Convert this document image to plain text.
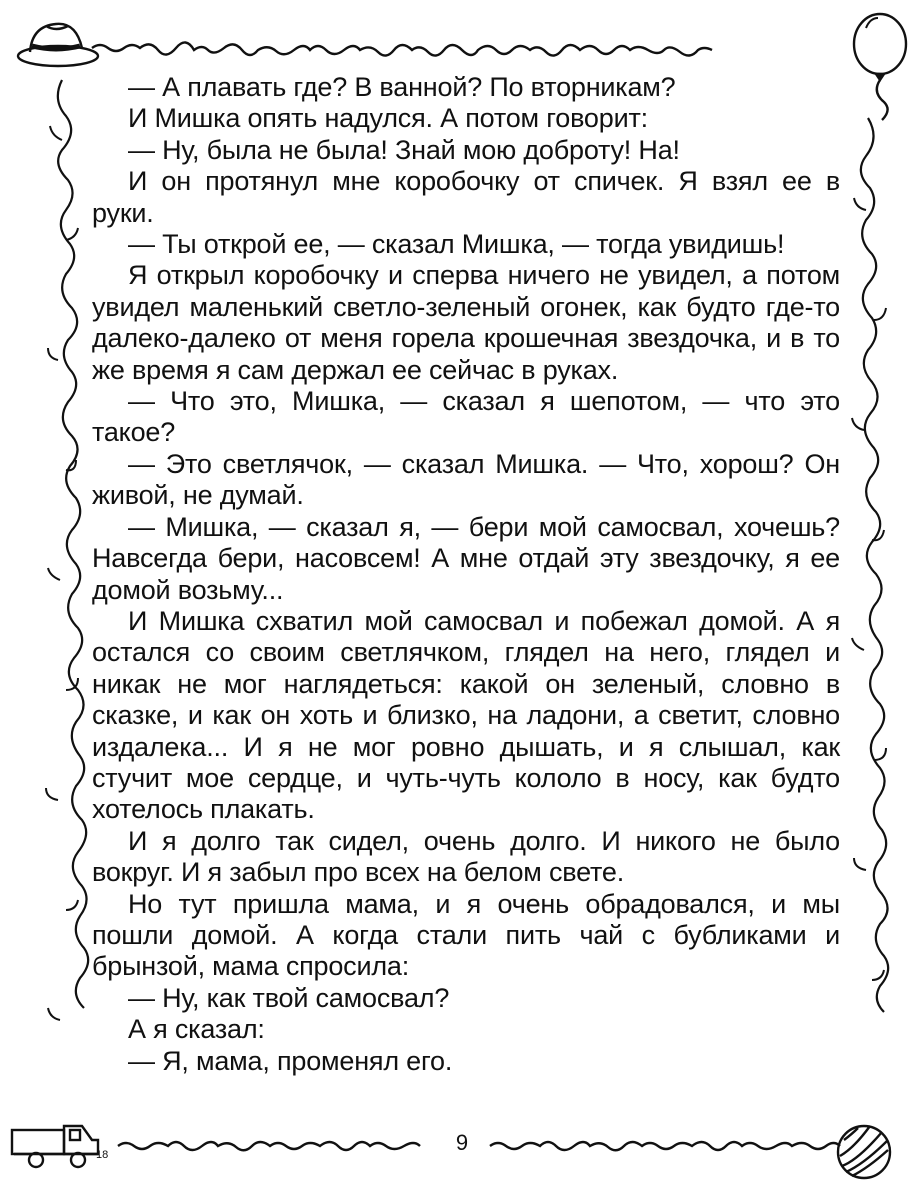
18

— А плавать где? В ванной? По вторникам?

И Мишка опять надулся. А потом говорит:

— Ну, была не была! Знай мою доброту! На!

И он протянул мне коробочку от спичек. Я взял ее в руки.

— Ты открой ее, — сказал Мишка, — тогда увидишь!

Я открыл коробочку и сперва ничего не увидел, а потом увидел маленький светло-зеленый огонек, как будто где-то далеко-далеко от меня горела крошечная звездочка, и в то же время я сам держал ее сейчас в руках.

— Что это, Мишка, — сказал я шепотом, — что это такое?

— Это светлячок, — сказал Мишка. — Что, хорош? Он живой, не думай.

— Мишка, — сказал я, — бери мой самосвал, хочешь? Навсегда бери, насовсем! А мне отдай эту звездочку, я ее домой возьму...

И Мишка схватил мой самосвал и побежал домой. А я остался со своим светлячком, глядел на него, глядел и никак не мог наглядеться: какой он зеленый, словно в сказке, и как он хоть и близко, на ладони, а светит, словно издалека... И я не мог ровно дышать, и я слышал, как стучит мое сердце, и чуть-чуть кололо в носу, как будто хотелось плакать.

И я долго так сидел, очень долго. И никого не было вокруг. И я забыл про всех на белом свете.

Но тут пришла мама, и я очень обрадовался, и мы пошли домой. А когда стали пить чай с бубликами и брынзой, мама спросила:

— Ну, как твой самосвал?

А я сказал:

— Я, мама, променял его.

9
